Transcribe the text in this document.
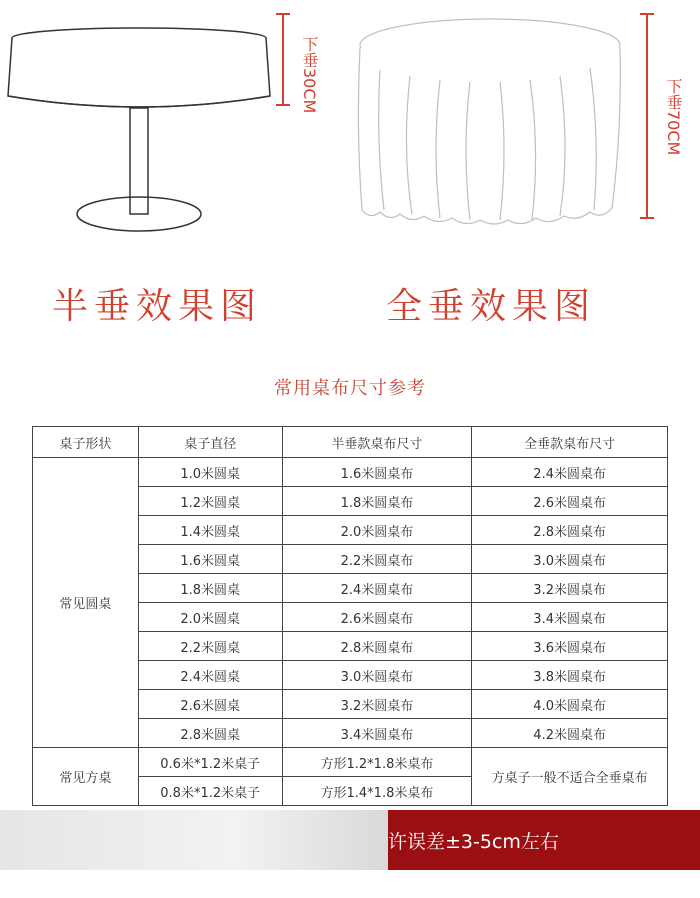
下垂30CM
下垂70CM
半垂效果图	全垂效果图
常用桌布尺寸参考
桌子形状	桌子直径	半垂款桌布尺寸	全垂款桌布尺寸
常见圆桌	1.0米圆桌	1.6米圆桌布	2.4米圆桌布
	1.2米圆桌	1.8米圆桌布	2.6米圆桌布
	1.4米圆桌	2.0米圆桌布	2.8米圆桌布
	1.6米圆桌	2.2米圆桌布	3.0米圆桌布
	1.8米圆桌	2.4米圆桌布	3.2米圆桌布
	2.0米圆桌	2.6米圆桌布	3.4米圆桌布
	2.2米圆桌	2.8米圆桌布	3.6米圆桌布
	2.4米圆桌	3.0米圆桌布	3.8米圆桌布
	2.6米圆桌	3.2米圆桌布	4.0米圆桌布
	2.8米圆桌	3.4米圆桌布	4.2米圆桌布
常见方桌	0.6米*1.2米桌子	方形1.2*1.8米桌布	方桌子一般不适合全垂桌布
	0.8米*1.2米桌子	方形1.4*1.8米桌布	
许误差±3-5cm左右
